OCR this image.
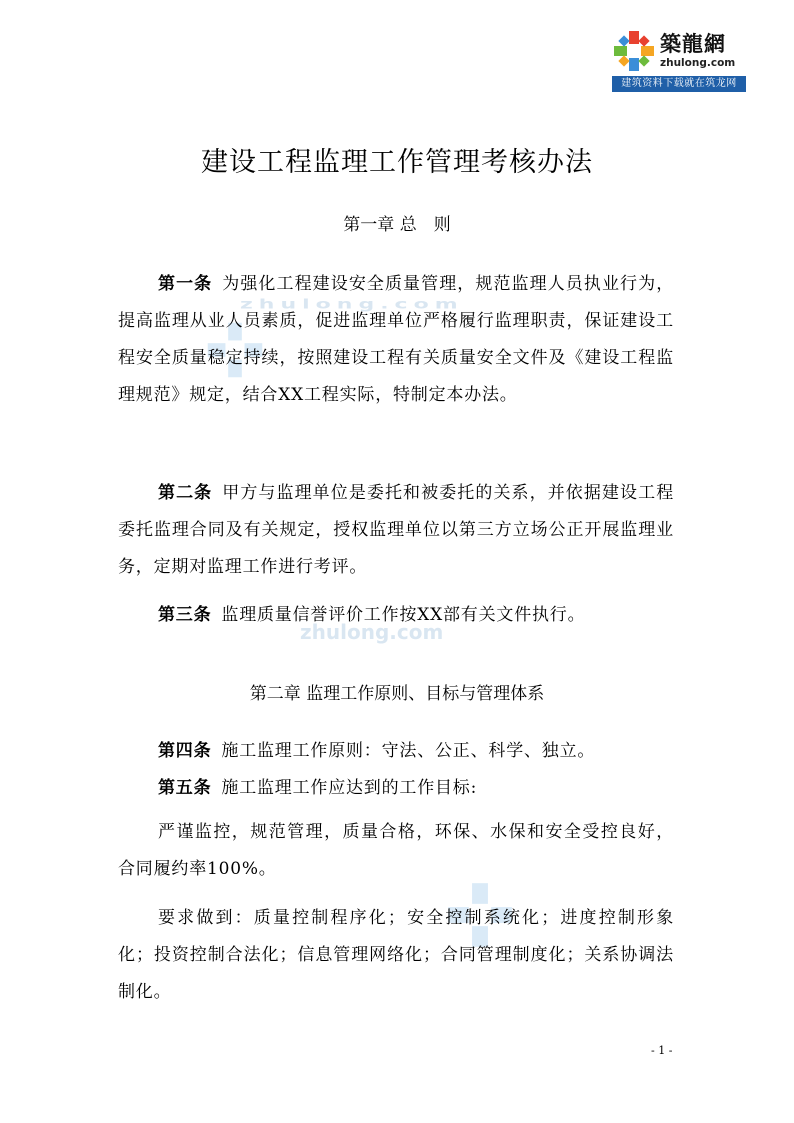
築龍網
zhulong.com
建筑资料下载就在筑龙网
zhulong.com
zhulong.com
建设工程监理工作管理考核办法
第一章 总　则

第一条 为强化工程建设安全质量管理，规范监理人员执业行为，提高监理从业人员素质，促进监理单位严格履行监理职责，保证建设工程安全质量稳定持续，按照建设工程有关质量安全文件及《建设工程监理规范》规定，结合XX工程实际，特制定本办法。

第二条 甲方与监理单位是委托和被委托的关系，并依据建设工程委托监理合同及有关规定，授权监理单位以第三方立场公正开展监理业务，定期对监理工作进行考评。

第三条 监理质量信誉评价工作按XX部有关文件执行。

第二章 监理工作原则、目标与管理体系

第四条 施工监理工作原则：守法、公正、科学、独立。

第五条 施工监理工作应达到的工作目标:

严谨监控，规范管理，质量合格，环保、水保和安全受控良好，合同履约率100%。

要求做到：质量控制程序化；安全控制系统化；进度控制形象化；投资控制合法化；信息管理网络化；合同管理制度化；关系协调法制化。

- 1 -
